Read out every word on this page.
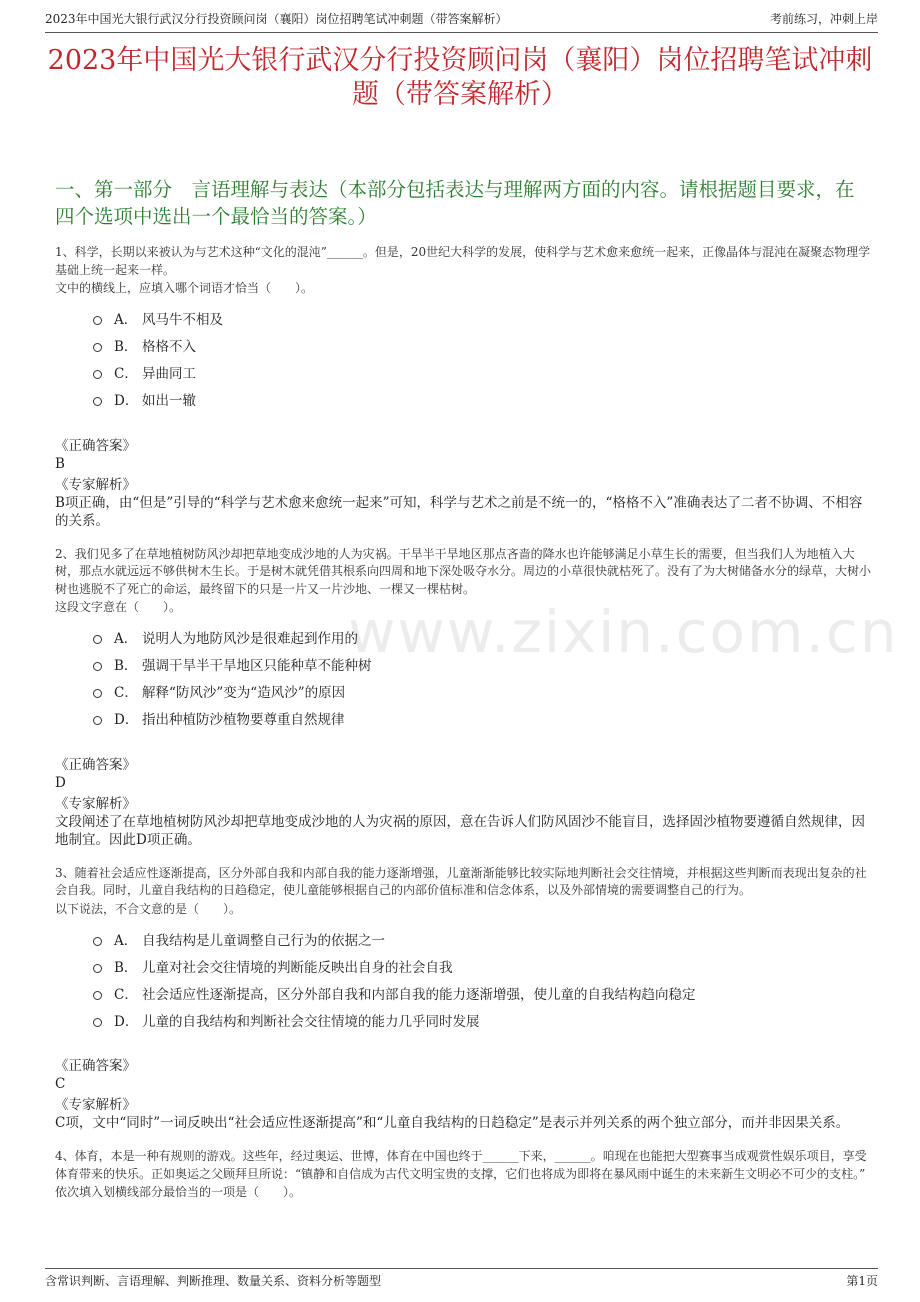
2023年中国光大银行武汉分行投资顾问岗（襄阳）岗位招聘笔试冲刺题（带答案解析）	考前练习，冲刺上岸
2023年中国光大银行武汉分行投资顾问岗（襄阳）岗位招聘笔试冲刺题（带答案解析）
一、第一部分　言语理解与表达（本部分包括表达与理解两方面的内容。请根据题目要求，在四个选项中选出一个最恰当的答案。）
www.zixin.com.cn
1、科学，长期以来被认为与艺术这种“文化的混沌”______。但是，20世纪大科学的发展，使科学与艺术愈来愈统一起来，正像晶体与混沌在凝聚态物理学基础上统一起来一样。
文中的横线上，应填入哪个词语才恰当（　　）。
A． 风马牛不相及
B． 格格不入
C． 异曲同工
D． 如出一辙
《正确答案》
B
《专家解析》
B项正确，由“但是”引导的“科学与艺术愈来愈统一起来”可知，科学与艺术之前是不统一的，“格格不入”准确表达了二者不协调、不相容的关系。
2、我们见多了在草地植树防风沙却把草地变成沙地的人为灾祸。干旱半干旱地区那点吝啬的降水也许能够满足小草生长的需要，但当我们人为地植入大树，那点水就远远不够供树木生长。于是树木就凭借其根系向四周和地下深处吸夺水分。周边的小草很快就枯死了。没有了为大树储备水分的绿草，大树小树也逃脱不了死亡的命运，最终留下的只是一片又一片沙地、一棵又一棵枯树。
这段文字意在（　　）。
A． 说明人为地防风沙是很难起到作用的
B． 强调干旱半干旱地区只能种草不能种树
C． 解释“防风沙”变为“造风沙”的原因
D． 指出种植防沙植物要尊重自然规律
《正确答案》
D
《专家解析》
文段阐述了在草地植树防风沙却把草地变成沙地的人为灾祸的原因，意在告诉人们防风固沙不能盲目，选择固沙植物要遵循自然规律，因地制宜。因此D项正确。
3、随着社会适应性逐渐提高，区分外部自我和内部自我的能力逐渐增强，儿童渐渐能够比较实际地判断社会交往情境，并根据这些判断而表现出复杂的社会自我。同时，儿童自我结构的日趋稳定，使儿童能够根据自己的内部价值标准和信念体系，以及外部情境的需要调整自己的行为。
以下说法，不合文意的是（　　）。
A． 自我结构是儿童调整自己行为的依据之一
B． 儿童对社会交往情境的判断能反映出自身的社会自我
C． 社会适应性逐渐提高，区分外部自我和内部自我的能力逐渐增强，使儿童的自我结构趋向稳定
D． 儿童的自我结构和判断社会交往情境的能力几乎同时发展
《正确答案》
C
《专家解析》
C项，文中“同时”一词反映出“社会适应性逐渐提高”和“儿童自我结构的日趋稳定”是表示并列关系的两个独立部分，而并非因果关系。
4、体育，本是一种有规则的游戏。这些年，经过奥运、世博，体育在中国也终于______下来，______。咱现在也能把大型赛事当成观赏性娱乐项目，享受体育带来的快乐。正如奥运之父顾拜旦所说：“镇静和自信成为古代文明宝贵的支撑，它们也将成为即将在暴风雨中诞生的未来新生文明必不可少的支柱。”
依次填入划横线部分最恰当的一项是（　　）。
含常识判断、言语理解、判断推理、数量关系、资料分析等题型	第1页
